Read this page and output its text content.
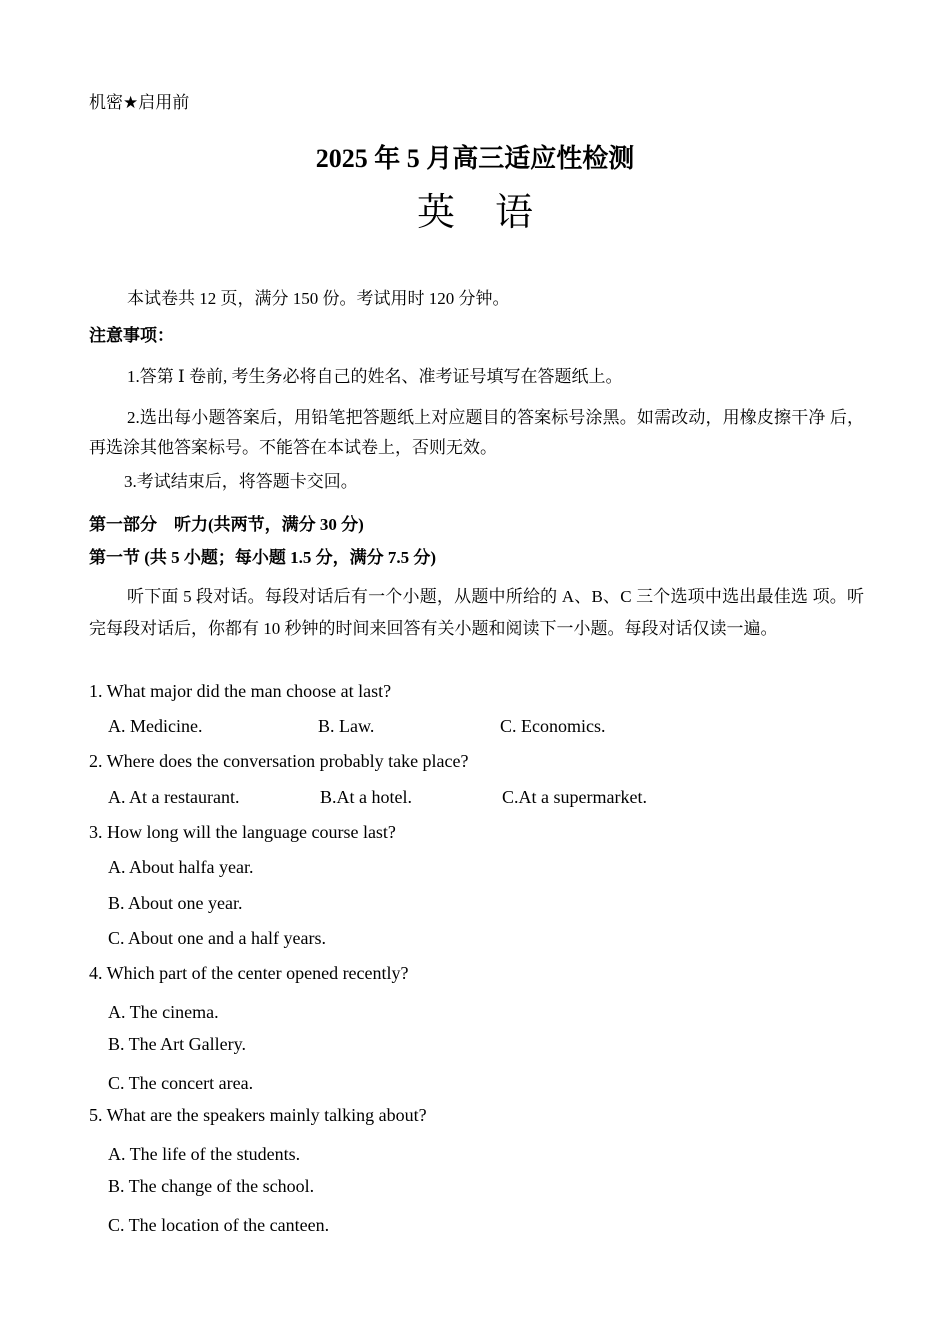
机密★启用前
2025 年 5 月高三适应性检测
英语
本试卷共 12 页，满分 150 份。考试用时 120 分钟。
注意事项：
1.答第 Ⅰ 卷前, 考生务必将自己的姓名、准考证号填写在答题纸上。
2.选出每小题答案后，用铅笔把答题纸上对应题目的答案标号涂黑。如需改动，用橡皮擦干净 后，再选涂其他答案标号。不能答在本试卷上，否则无效。
3.考试结束后，将答题卡交回。
第一部分　听力(共两节，满分 30 分)
第一节 (共 5 小题；每小题 1.5 分，满分 7.5 分)
听下面 5 段对话。每段对话后有一个小题，从题中所给的 A、B、C 三个选项中选出最佳选 项。听完每段对话后，你都有 10 秒钟的时间来回答有关小题和阅读下一小题。每段对话仅读一遍。
1. What major did the man choose at last?
A. Medicine.	B. Law.	C. Economics.
2. Where does the conversation probably take place?
A. At a restaurant.	B.At a hotel.	C.At a supermarket.
3. How long will the language course last?
A. About halfa year.
B. About one year.
C. About one and a half years.
4. Which part of the center opened recently?
A. The cinema.
B. The Art Gallery.
C. The concert area.
5. What are the speakers mainly talking about?
A. The life of the students.
B. The change of the school.
C. The location of the canteen.
